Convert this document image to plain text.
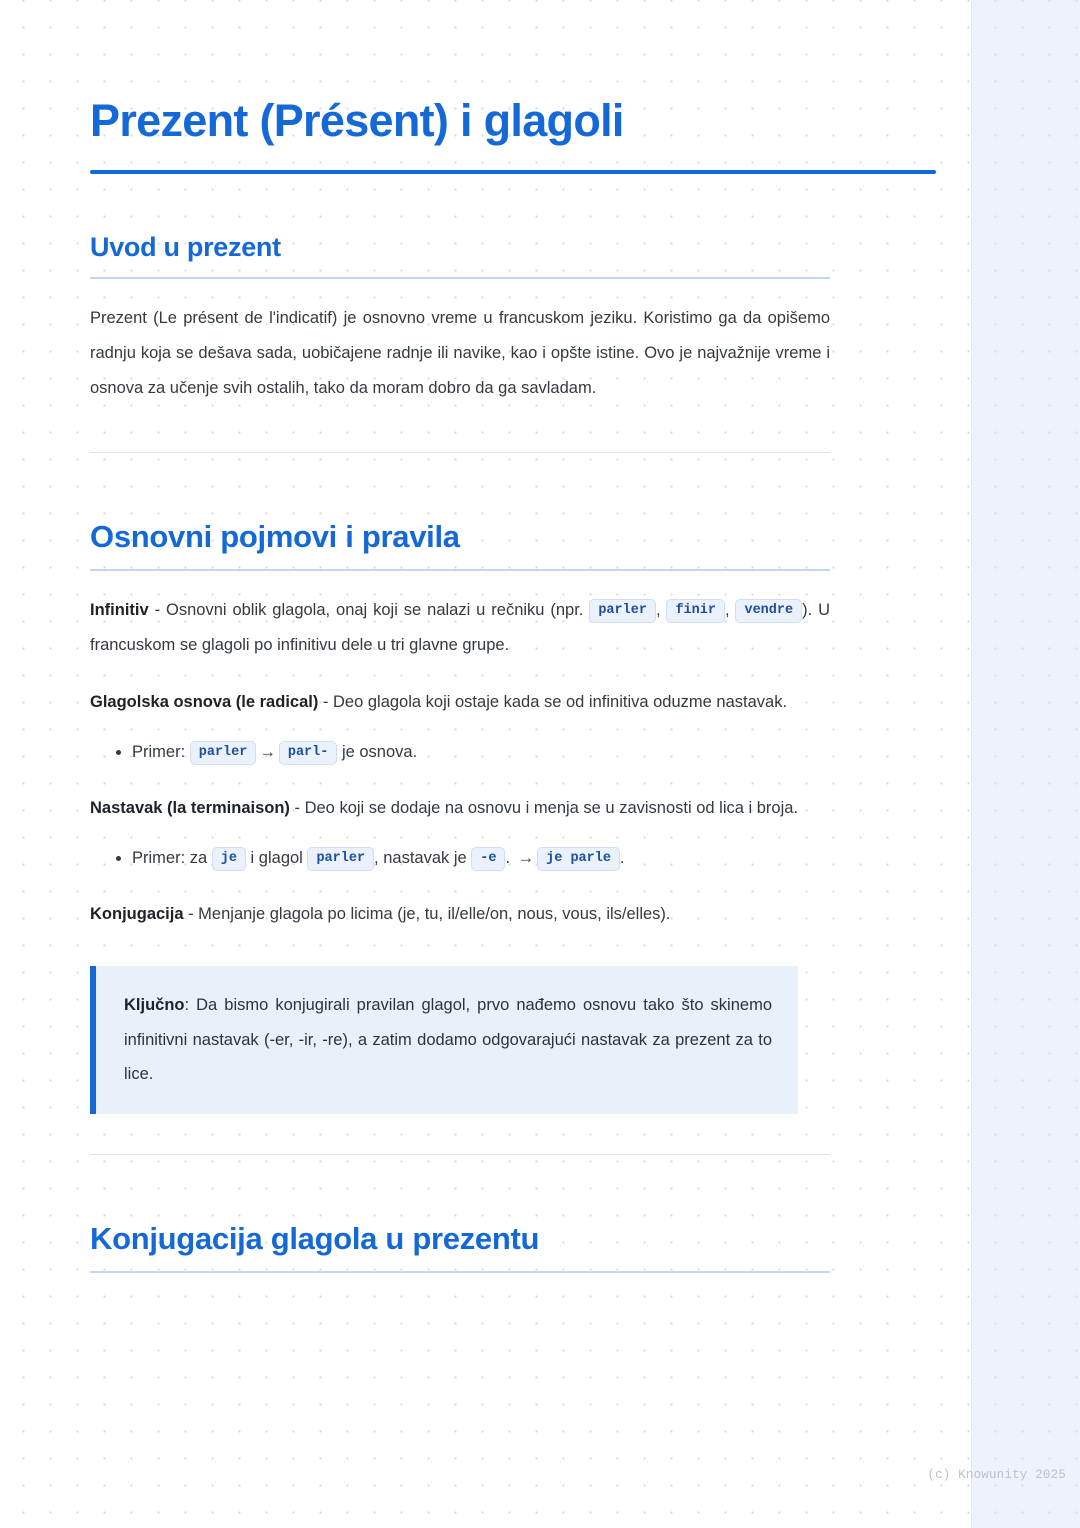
Prezent (Présent) i glagoli
Uvod u prezent

Prezent (Le présent de l'indicatif) je osnovno vreme u francuskom jeziku. Koristimo ga da opišemo radnju koja se dešava sada, uobičajene radnje ili navike, kao i opšte istine. Ovo je najvažnije vreme i osnova za učenje svih ostalih, tako da moram dobro da ga savladam.

Osnovni pojmovi i pravila

Infinitiv - Osnovni oblik glagola, onaj koji se nalazi u rečniku (npr. parler , finir , vendre ). U francuskom se glagoli po infinitivu dele u tri glavne grupe.

Glagolska osnova (le radical) - Deo glagola koji ostaje kada se od infinitiva oduzme nastavak.

Primer: parler → parl- je osnova.

Nastavak (la terminaison) - Deo koji se dodaje na osnovu i menja se u zavisnosti od lica i broja.

Primer: za je i glagol parler , nastavak je -e . → je parle .

Konjugacija - Menjanje glagola po licima (je, tu, il/elle/on, nous, vous, ils/elles).

Ključno: Da bismo konjugirali pravilan glagol, prvo nađemo osnovu tako što skinemo infinitivni nastavak (-er, -ir, -re), a zatim dodamo odgovarajući nastavak za prezent za to lice.

Konjugacija glagola u prezentu
(c) Knowunity 2025
